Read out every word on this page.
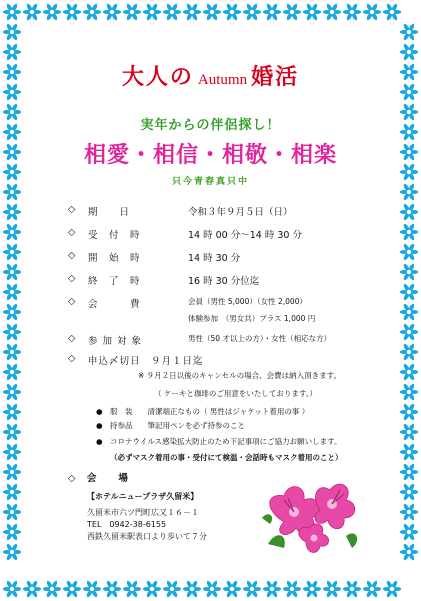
大人の Autumn 婚活
実年からの伴侶探し！
相愛・相信・相敬・相楽
只今青春真只中
◇ 期　　日	令和３年９月５日（日）
◇ 受　付　時	14 時 00 分～14 時 30 分
◇ 開　始　時	14 時 30 分
◇ 終　了　時	16 時 30 分位迄
◇ 会　　　費	会員（男性 5,000）（女性 2,000）
体験参加　（男女共）プラス 1,000 円
◇ 参 加 対 象	男性（50 才以上の方）・女性（相応な方）
◇ 申込〆切日　９月１日迄
※ ９月２日以後のキャンセルの場合、会費は納入頂きます。
（ ケーキと珈琲のご用意をいたしております。）
●　服　装　　 清潔端正なもの（ 男性はジャケット着用の事 ）
●　持参品　　 筆記用ペンを必ず持参のこと
●　コロナウイルス感染拡大防止のため下記事項にご協力お願いします。
（必ずマスク着用の事・受付にて検温・会話時もマスク着用のこと）
◇　 会　　場
【ホテルニュープラザ久留米】
久留米市六ツ門町広又１６－１
TEL　0942-38-6155
西鉄久留米駅表口より歩いて７分
